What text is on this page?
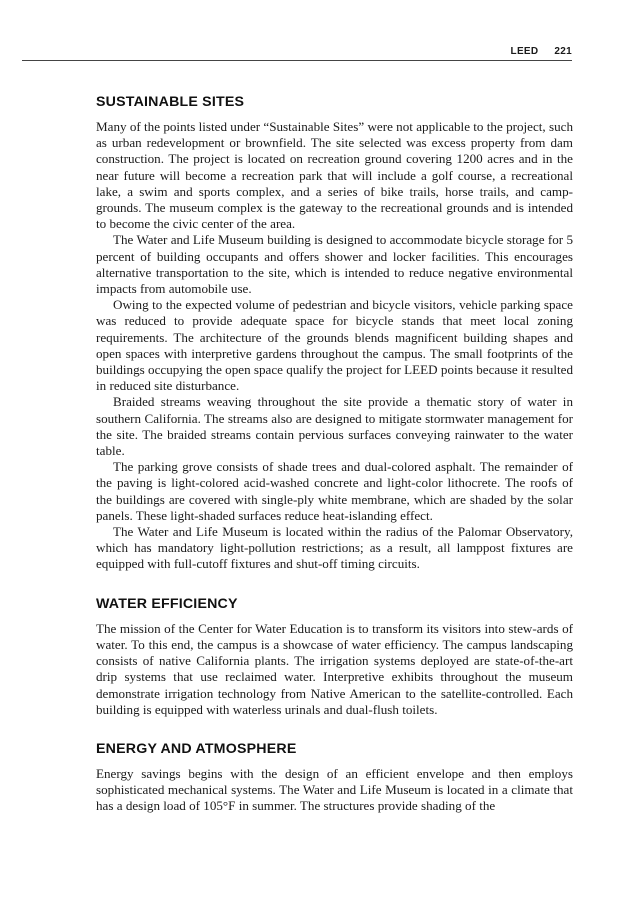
LEED 221
SUSTAINABLE SITES

Many of the points listed under “Sustainable Sites” were not applicable to the project, such as urban redevelopment or brownfield. The site selected was excess property from dam construction. The project is located on recreation ground covering 1200 acres and in the near future will become a recreation park that will include a golf course, a recreational lake, a swim and sports complex, and a series of bike trails, horse trails, and camp-grounds. The museum complex is the gateway to the recreational grounds and is intended to become the civic center of the area.

The Water and Life Museum building is designed to accommodate bicycle storage for 5 percent of building occupants and offers shower and locker facilities. This encourages alternative transportation to the site, which is intended to reduce negative environmental impacts from automobile use.

Owing to the expected volume of pedestrian and bicycle visitors, vehicle parking space was reduced to provide adequate space for bicycle stands that meet local zoning requirements. The architecture of the grounds blends magnificent building shapes and open spaces with interpretive gardens throughout the campus. The small footprints of the buildings occupying the open space qualify the project for LEED points because it resulted in reduced site disturbance.

Braided streams weaving throughout the site provide a thematic story of water in southern California. The streams also are designed to mitigate stormwater management for the site. The braided streams contain pervious surfaces conveying rainwater to the water table.

The parking grove consists of shade trees and dual-colored asphalt. The remainder of the paving is light-colored acid-washed concrete and light-color lithocrete. The roofs of the buildings are covered with single-ply white membrane, which are shaded by the solar panels. These light-shaded surfaces reduce heat-islanding effect.

The Water and Life Museum is located within the radius of the Palomar Observatory, which has mandatory light-pollution restrictions; as a result, all lamppost fixtures are equipped with full-cutoff fixtures and shut-off timing circuits.

WATER EFFICIENCY

The mission of the Center for Water Education is to transform its visitors into stew-ards of water. To this end, the campus is a showcase of water efficiency. The campus landscaping consists of native California plants. The irrigation systems deployed are state-of-the-art drip systems that use reclaimed water. Interpretive exhibits throughout the museum demonstrate irrigation technology from Native American to the satellite-controlled. Each building is equipped with waterless urinals and dual-flush toilets.

ENERGY AND ATMOSPHERE

Energy savings begins with the design of an efficient envelope and then employs sophisticated mechanical systems. The Water and Life Museum is located in a climate that has a design load of 105°F in summer. The structures provide shading of the
